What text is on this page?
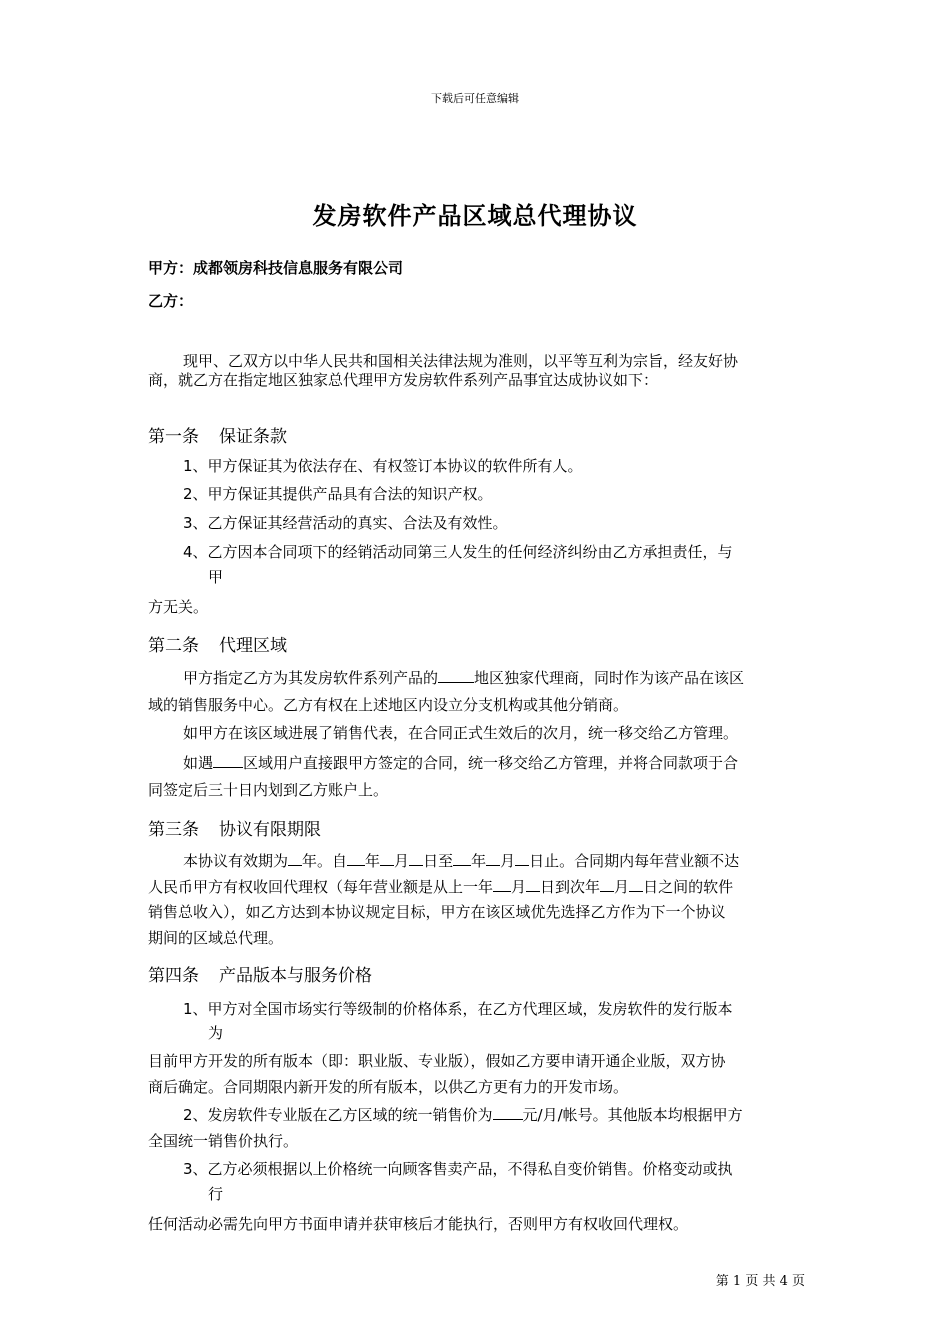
下载后可任意编辑
发房软件产品区域总代理协议
甲方：成都领房科技信息服务有限公司
乙方：
现甲、乙双方以中华人民共和国相关法律法规为准则，以平等互利为宗旨，经友好协
商，就乙方在指定地区独家总代理甲方发房软件系列产品事宜达成协议如下：
第一条 保证条款
1、甲方保证其为依法存在、有权签订本协议的软件所有人。
2、甲方保证其提供产品具有合法的知识产权。
3、乙方保证其经营活动的真实、合法及有效性。
4、乙方因本合同项下的经销活动同第三人发生的任何经济纠纷由乙方承担责任，与
甲
方无关。
第二条 代理区域
甲方指定乙方为其发房软件系列产品的 地区独家代理商，同时作为该产品在该区
域的销售服务中心。乙方有权在上述地区内设立分支机构或其他分销商。
如甲方在该区域进展了销售代表，在合同正式生效后的次月，统一移交给乙方管理。
如遇 区域用户直接跟甲方签定的合同，统一移交给乙方管理，并将合同款项于合
同签定后三十日内划到乙方账户上。
第三条 协议有限期限
本协议有效期为 年。自 年 月 日至 年 月 日止。合同期内每年营业额不达
人民币甲方有权收回代理权（每年营业额是从上一年 月 日到次年 月 日之间的软件
销售总收入），如乙方达到本协议规定目标，甲方在该区域优先选择乙方作为下一个协议
期间的区域总代理。
第四条 产品版本与服务价格
1、甲方对全国市场实行等级制的价格体系，在乙方代理区域，发房软件的发行版本
为
目前甲方开发的所有版本（即：职业版、专业版），假如乙方要申请开通企业版，双方协
商后确定。合同期限内新开发的所有版本，以供乙方更有力的开发市场。
2、发房软件专业版在乙方区域的统一销售价为 元/月/帐号。其他版本均根据甲方
全国统一销售价执行。
3、乙方必须根据以上价格统一向顾客售卖产品，不得私自变价销售。价格变动或执
行
任何活动必需先向甲方书面申请并获审核后才能执行，否则甲方有权收回代理权。
第 1 页 共 4 页
